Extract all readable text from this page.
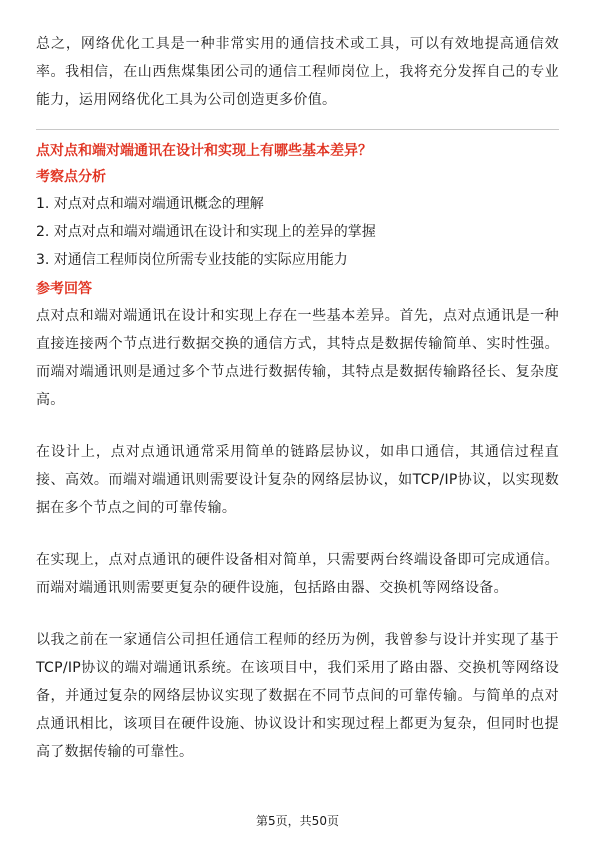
总之，网络优化工具是一种非常实用的通信技术或工具，可以有效地提高通信效率。我相信，在山西焦煤集团公司的通信工程师岗位上，我将充分发挥自己的专业能力，运用网络优化工具为公司创造更多价值。

点对点和端对端通讯在设计和实现上有哪些基本差异？

考察点分析

1. 对点对点和端对端通讯概念的理解
2. 对点对点和端对端通讯在设计和实现上的差异的掌握
3. 对通信工程师岗位所需专业技能的实际应用能力

参考回答

点对点和端对端通讯在设计和实现上存在一些基本差异。首先，点对点通讯是一种直接连接两个节点进行数据交换的通信方式，其特点是数据传输简单、实时性强。而端对端通讯则是通过多个节点进行数据传输，其特点是数据传输路径长、复杂度高。

在设计上，点对点通讯通常采用简单的链路层协议，如串口通信，其通信过程直接、高效。而端对端通讯则需要设计复杂的网络层协议，如TCP/IP协议，以实现数据在多个节点之间的可靠传输。

在实现上，点对点通讯的硬件设备相对简单，只需要两台终端设备即可完成通信。而端对端通讯则需要更复杂的硬件设施，包括路由器、交换机等网络设备。

以我之前在一家通信公司担任通信工程师的经历为例，我曾参与设计并实现了基于TCP/IP协议的端对端通讯系统。在该项目中，我们采用了路由器、交换机等网络设备，并通过复杂的网络层协议实现了数据在不同节点间的可靠传输。与简单的点对点通讯相比，该项目在硬件设施、协议设计和实现过程上都更为复杂，但同时也提高了数据传输的可靠性。

第5页，共50页
